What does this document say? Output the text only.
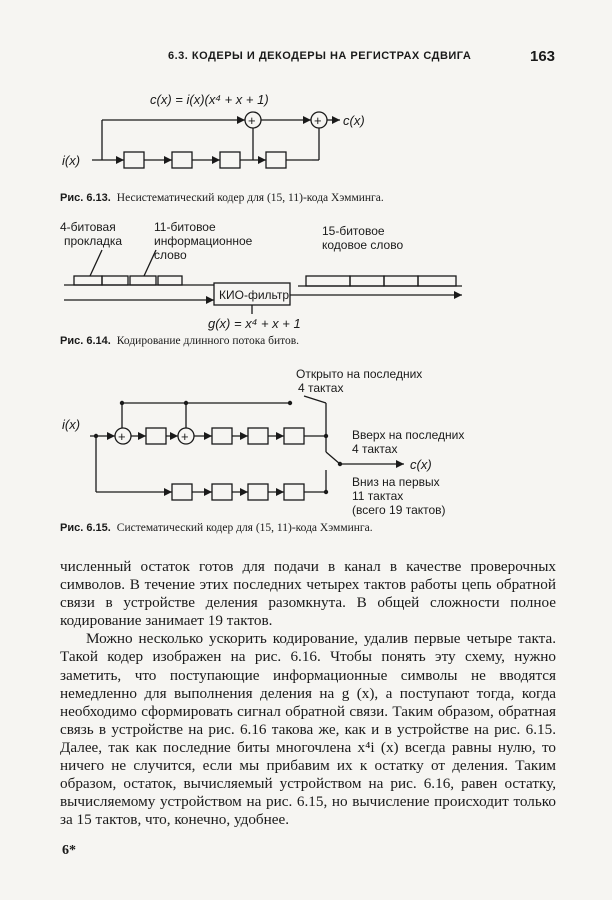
6.3. КОДЕРЫ И ДЕКОДЕРЫ НА РЕГИСТРАХ СДВИГА	163
+	+
c(x) = i(x)(x⁴ + x + 1)
i(x)
c(x)
Рис. 6.13. Несистематический кодер для (15, 11)-кода Хэмминга.
4-битовая
прокладка
11-битовое
информационное
слово
15-битовое
кодовое слово
КИО-фильтр
g(x) = x⁴ + x + 1
Рис. 6.14. Кодирование длинного потока битов.
+	+
i(x)
c(x)
Открыто на последних
4 тактах
Вверх на последних
4 тактах
Вниз на первых
11 тактах
(всего 19 тактов)
Рис. 6.15. Систематический кодер для (15, 11)-кода Хэмминга.

численный остаток готов для подачи в канал в качестве проверочных символов. В течение этих последних четырех тактов работы цепь обратной связи в устройстве деления разомкнута. В общей сложности полное кодирование занимает 19 тактов.

Можно несколько ускорить кодирование, удалив первые четыре такта. Такой кодер изображен на рис. 6.16. Чтобы понять эту схему, нужно заметить, что поступающие информационные символы не вводятся немедленно для выполнения деления на g (x), а поступают тогда, когда необходимо сформировать сигнал обратной связи. Таким образом, обратная связь в устройстве на рис. 6.16 такова же, как и в устройстве на рис. 6.15. Далее, так как последние биты многочлена x⁴i (x) всегда равны нулю, то ничего не случится, если мы прибавим их к остатку от деления. Таким образом, остаток, вычисляемый устройством на рис. 6.16, равен остатку, вычисляемому устройством на рис. 6.15, но вычисление происходит только за 15 тактов, что, конечно, удобнее.

6*
